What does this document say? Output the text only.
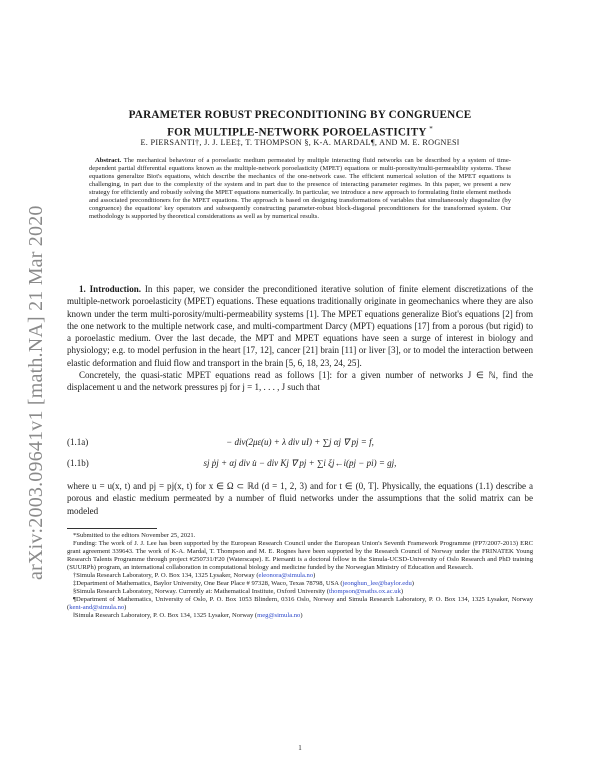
arXiv:2003.09641v1 [math.NA] 21 Mar 2020
PARAMETER ROBUST PRECONDITIONING BY CONGRUENCE
FOR MULTIPLE-NETWORK POROELASTICITY *
E. PIERSANTI†, J. J. LEE‡, T. THOMPSON §, K-A. MARDAL¶, AND M. E. ROGNES‖
Abstract. The mechanical behaviour of a poroelastic medium permeated by multiple interacting fluid networks can be described by a system of time-dependent partial differential equations known as the multiple-network poroelasticity (MPET) equations or multi-porosity/multi-permeability systems. These equations generalize Biot's equations, which describe the mechanics of the one-network case. The efficient numerical solution of the MPET equations is challenging, in part due to the complexity of the system and in part due to the presence of interacting parameter regimes. In this paper, we present a new strategy for efficiently and robustly solving the MPET equations numerically. In particular, we introduce a new approach to formulating finite element methods and associated preconditioners for the MPET equations. The approach is based on designing transformations of variables that simultaneously diagonalize (by congruence) the equations' key operators and subsequently constructing parameter-robust block-diagonal preconditioners for the transformed system. Our methodology is supported by theoretical considerations as well as by numerical results.

1. Introduction. In this paper, we consider the preconditioned iterative solution of finite element discretizations of the multiple-network poroelasticity (MPET) equations. These equations traditionally originate in geomechanics where they are also known under the term multi-porosity/multi-permeability systems [1]. The MPET equations generalize Biot's equations [2] from the one network to the multiple network case, and multi-compartment Darcy (MPT) equations [17] from a porous (but rigid) to a poroelastic medium. Over the last decade, the MPT and MPET equations have seen a surge of interest in biology and physiology; e.g. to model perfusion in the heart [17, 12], cancer [21] brain [11] or liver [3], or to model the interaction between elastic deformation and fluid flow and transport in the brain [5, 6, 18, 23, 24, 25].

Concretely, the quasi-static MPET equations read as follows [1]: for a given number of networks J ∈ ℕ, find the displacement u and the network pressures pj for j = 1, . . . , J such that

(1.1a)	− div(2με(u) + λ div uI) + ∑j αj ∇ pj = f,
(1.1b)	sj ṗj + αj div u̇ − div Kj ∇ pj + ∑i ξj←i(pj − pi) = gj,

where u = u(x, t) and pj = pj(x, t) for x ∈ Ω ⊂ ℝd (d = 1, 2, 3) and for t ∈ (0, T]. Physically, the equations (1.1) describe a porous and elastic medium permeated by a number of fluid networks under the assumptions that the solid matrix can be modeled

*Submitted to the editors November 25, 2021.

Funding: The work of J. J. Lee has been supported by the European Research Council under the European Union's Seventh Framework Programme (FP7/2007-2013) ERC grant agreement 339643. The work of K-A. Mardal, T. Thompson and M. E. Rognes have been supported by the Research Council of Norway under the FRINATEK Young Research Talents Programme through project #250731/F20 (Waterscape). E. Piersanti is a doctoral fellow in the Simula-UCSD-University of Oslo Research and PhD training (SUURPh) program, an international collaboration in computational biology and medicine funded by the Norwegian Ministry of Education and Research.

†Simula Research Laboratory, P. O. Box 134, 1325 Lysaker, Norway (eleonora@simula.no)

‡Department of Mathematics, Baylor University, One Bear Place # 97328, Waco, Texas 78798, USA (jeonghun_lee@baylor.edu)

§Simula Research Laboratory, Norway. Currently at: Mathematical Institute, Oxford University (thompson@maths.ox.ac.uk)

¶Department of Mathematics, University of Oslo, P. O. Box 1053 Blindern, 0316 Oslo, Norway and Simula Research Laboratory, P. O. Box 134, 1325 Lysaker, Norway (kent-and@simula.no)

‖Simula Research Laboratory, P. O. Box 134, 1325 Lysaker, Norway (meg@simula.no)

1
